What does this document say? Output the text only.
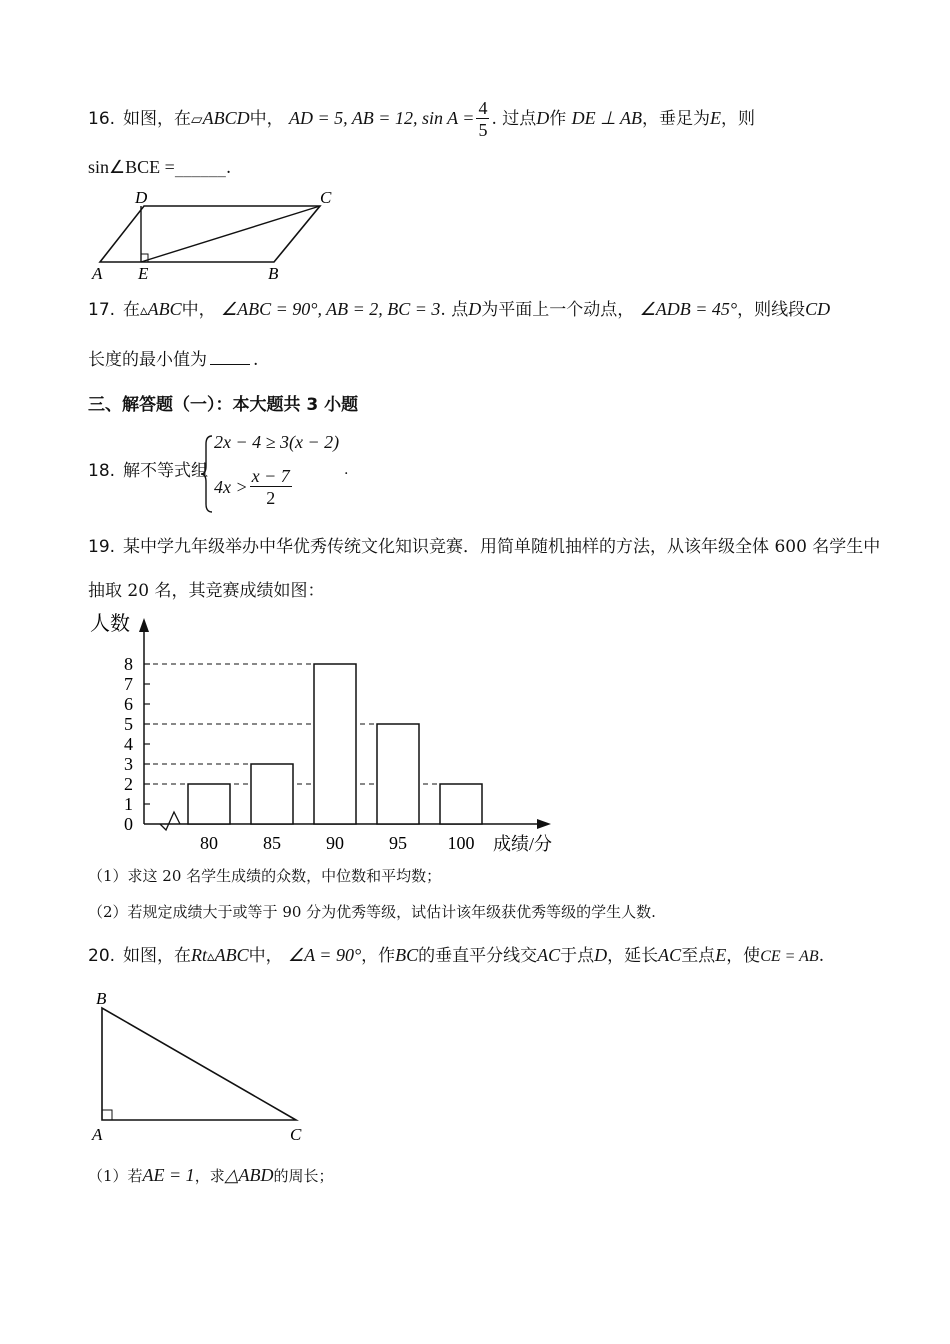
16. 如图，在▱ABCD中， AD = 5, AB = 12, $\sin A = \frac{4}{5}$ . 过点D作 DE ⊥ AB，垂足为E，则
sin∠BCE =______.
A E	B
D	C
17. 在▵ABC中， ∠ABC = 90°, AB = 2, BC = 3. 点D为平面上一个动点， ∠ADB = 45°，则线段CD
长度的最小值为	.
三、解答题（一）：本大题共 3 小题
18. 解不等式组
2x − 4 ≥ 3(x − 2)
$4x > \frac{x - 7}{2}$	.
19. 某中学九年级举办中华优秀传统文化知识竞赛．用简单随机抽样的方法，从该年级全体 600 名学生中
抽取 20 名，其竞赛成绩如图：
0
1
2
3
4
5
6
7
8
80	85	90	95 100
人数
成绩/分
（1）求这 20 名学生成绩的众数，中位数和平均数；
（2）若规定成绩大于或等于 90 分为优秀等级，试估计该年级获优秀等级的学生人数.
20. 如图，在Rt▵ABC中， ∠A = 90°，作BC的垂直平分线交AC于点D，延长AC至点E，使CE = AB.
B
A	C
（1）若AE = 1，求△ABD的周长；
